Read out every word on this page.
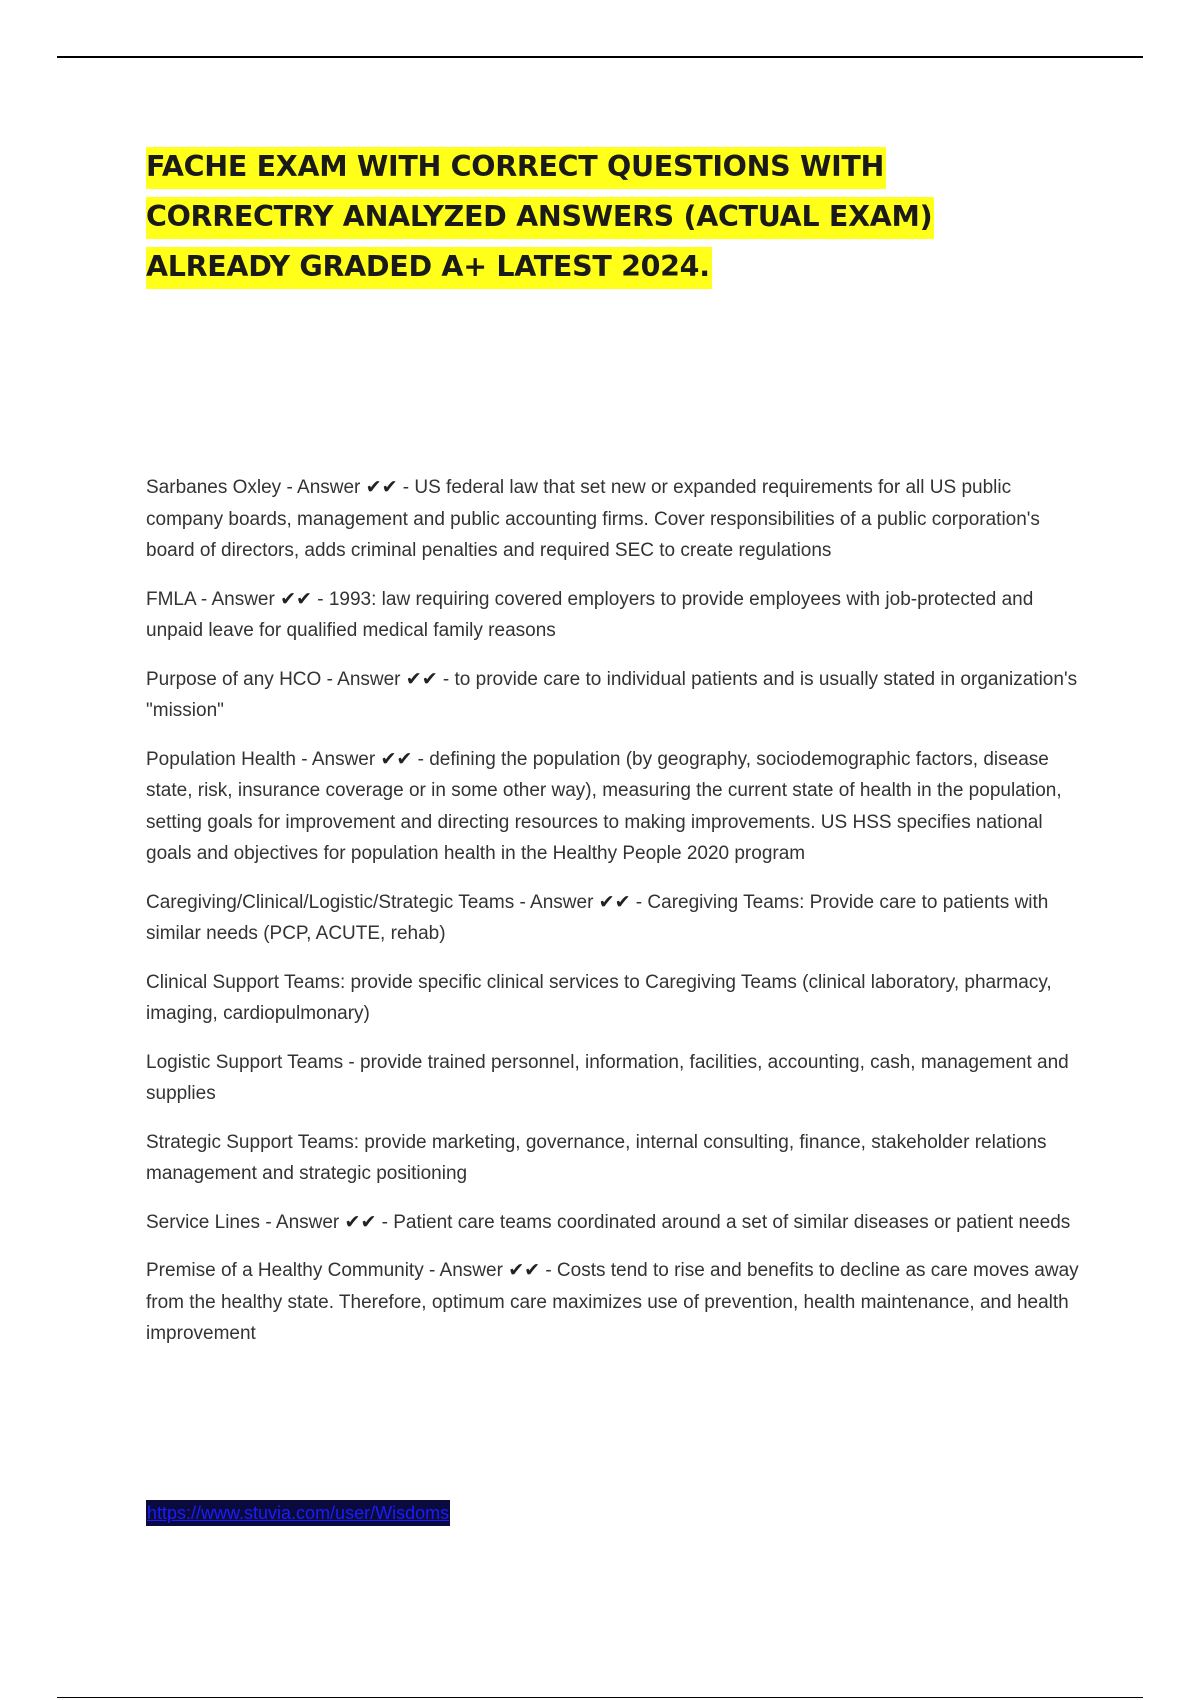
FACHE EXAM WITH CORRECT QUESTIONS WITH CORRECTRY ANALYZED ANSWERS (ACTUAL EXAM) ALREADY GRADED A+ LATEST 2024.

Sarbanes Oxley - Answer ✔✔ - US federal law that set new or expanded requirements for all US public company boards, management and public accounting firms. Cover responsibilities of a public corporation's board of directors, adds criminal penalties and required SEC to create regulations

FMLA - Answer ✔✔ - 1993: law requiring covered employers to provide employees with job-protected and unpaid leave for qualified medical family reasons

Purpose of any HCO - Answer ✔✔ - to provide care to individual patients and is usually stated in organization's "mission"

Population Health - Answer ✔✔ - defining the population (by geography, sociodemographic factors, disease state, risk, insurance coverage or in some other way), measuring the current state of health in the population, setting goals for improvement and directing resources to making improvements. US HSS specifies national goals and objectives for population health in the Healthy People 2020 program

Caregiving/Clinical/Logistic/Strategic Teams - Answer ✔✔ - Caregiving Teams: Provide care to patients with similar needs (PCP, ACUTE, rehab)

Clinical Support Teams: provide specific clinical services to Caregiving Teams (clinical laboratory, pharmacy, imaging, cardiopulmonary)

Logistic Support Teams - provide trained personnel, information, facilities, accounting, cash, management and supplies

Strategic Support Teams: provide marketing, governance, internal consulting, finance, stakeholder relations management and strategic positioning

Service Lines - Answer ✔✔ - Patient care teams coordinated around a set of similar diseases or patient needs

Premise of a Healthy Community - Answer ✔✔ - Costs tend to rise and benefits to decline as care moves away from the healthy state. Therefore, optimum care maximizes use of prevention, health maintenance, and health improvement

https://www.stuvia.com/user/Wisdoms
